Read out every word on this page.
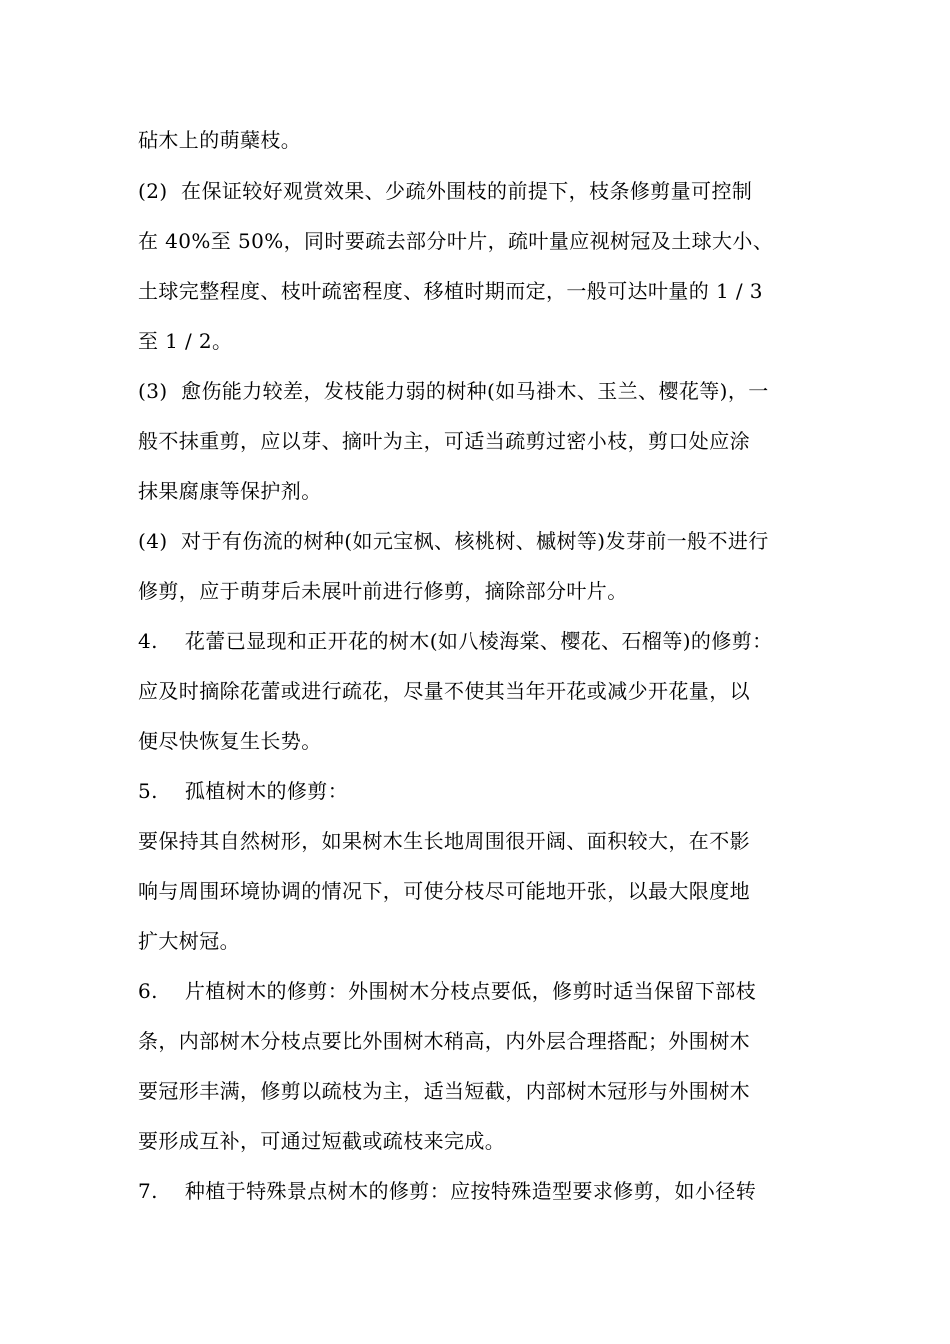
砧木上的萌蘖枝。
(2)  在保证较好观赏效果、少疏外围枝的前提下，枝条修剪量可控制
在 40%至 50%，同时要疏去部分叶片，疏叶量应视树冠及土球大小、
土球完整程度、枝叶疏密程度、移植时期而定，一般可达叶量的 1 / 3
至 1 / 2。
(3)  愈伤能力较差，发枝能力弱的树种(如马褂木、玉兰、樱花等)，一
般不抹重剪，应以芽、摘叶为主，可适当疏剪过密小枝，剪口处应涂
抹果腐康等保护剂。
(4)  对于有伤流的树种(如元宝枫、核桃树、槭树等)发芽前一般不进行
修剪，应于萌芽后未展叶前进行修剪，摘除部分叶片。
4.    花蕾已显现和正开花的树木(如八棱海棠、樱花、石榴等)的修剪：
应及时摘除花蕾或进行疏花，尽量不使其当年开花或减少开花量，以
便尽快恢复生长势。
5.    孤植树木的修剪：
要保持其自然树形，如果树木生长地周围很开阔、面积较大，在不影
响与周围环境协调的情况下，可使分枝尽可能地开张，以最大限度地
扩大树冠。
6.    片植树木的修剪：外围树木分枝点要低，修剪时适当保留下部枝
条，内部树木分枝点要比外围树木稍高，内外层合理搭配；外围树木
要冠形丰满，修剪以疏枝为主，适当短截，内部树木冠形与外围树木
要形成互补，可通过短截或疏枝来完成。
7.    种植于特殊景点树木的修剪：应按特殊造型要求修剪，如小径转
